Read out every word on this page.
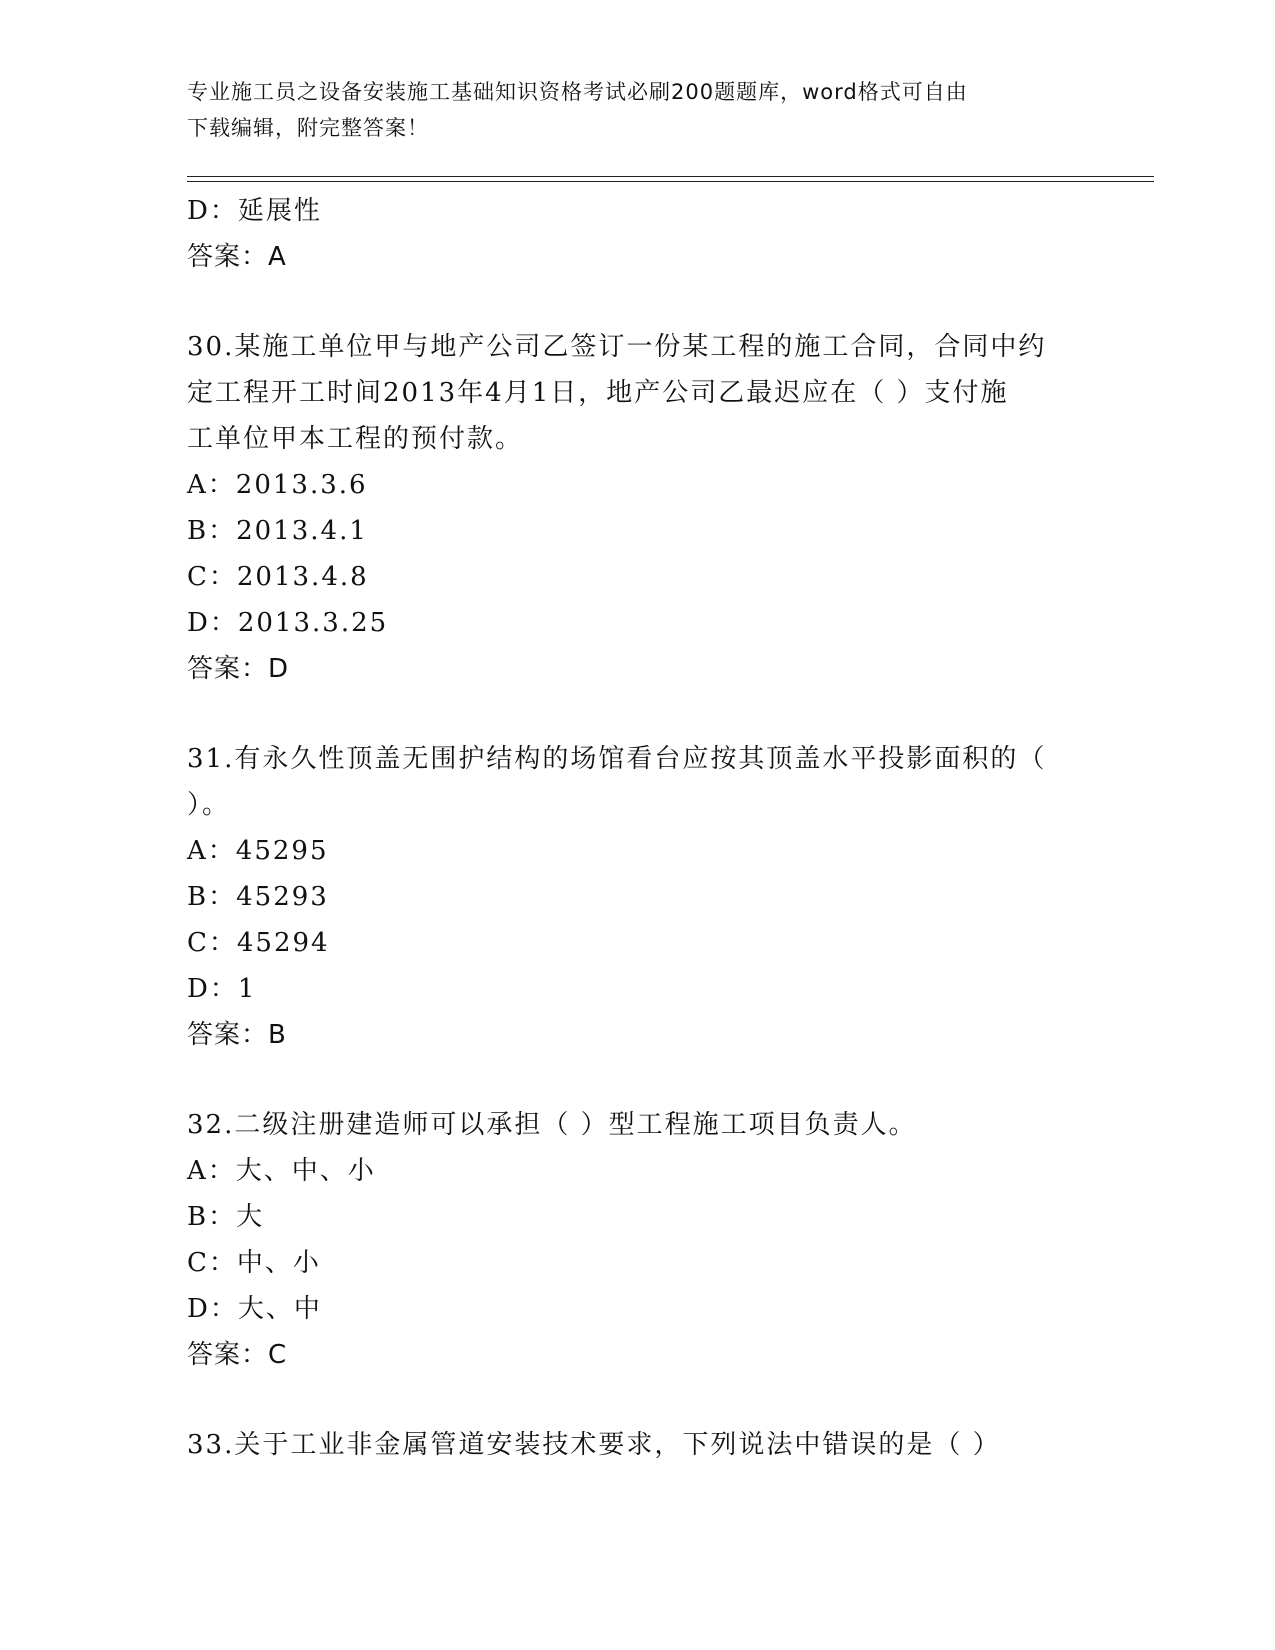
专业施工员之设备安装施工基础知识资格考试必刷200题题库，word格式可自由
下载编辑，附完整答案！
D：延展性
答案：A
30.某施工单位甲与地产公司乙签订一份某工程的施工合同，合同中约
定工程开工时间2013年4月1日，地产公司乙最迟应在（ ）支付施
工单位甲本工程的预付款。
A：2013.3.6
B：2013.4.1
C：2013.4.8
D：2013.3.25
答案：D
31.有永久性顶盖无围护结构的场馆看台应按其顶盖水平投影面积的（
）。
A：45295
B：45293
C：45294
D：1
答案：B
32.二级注册建造师可以承担（ ）型工程施工项目负责人。
A：大、中、小
B：大
C：中、小
D：大、中
答案：C
33.关于工业非金属管道安装技术要求，下列说法中错误的是（ ）
